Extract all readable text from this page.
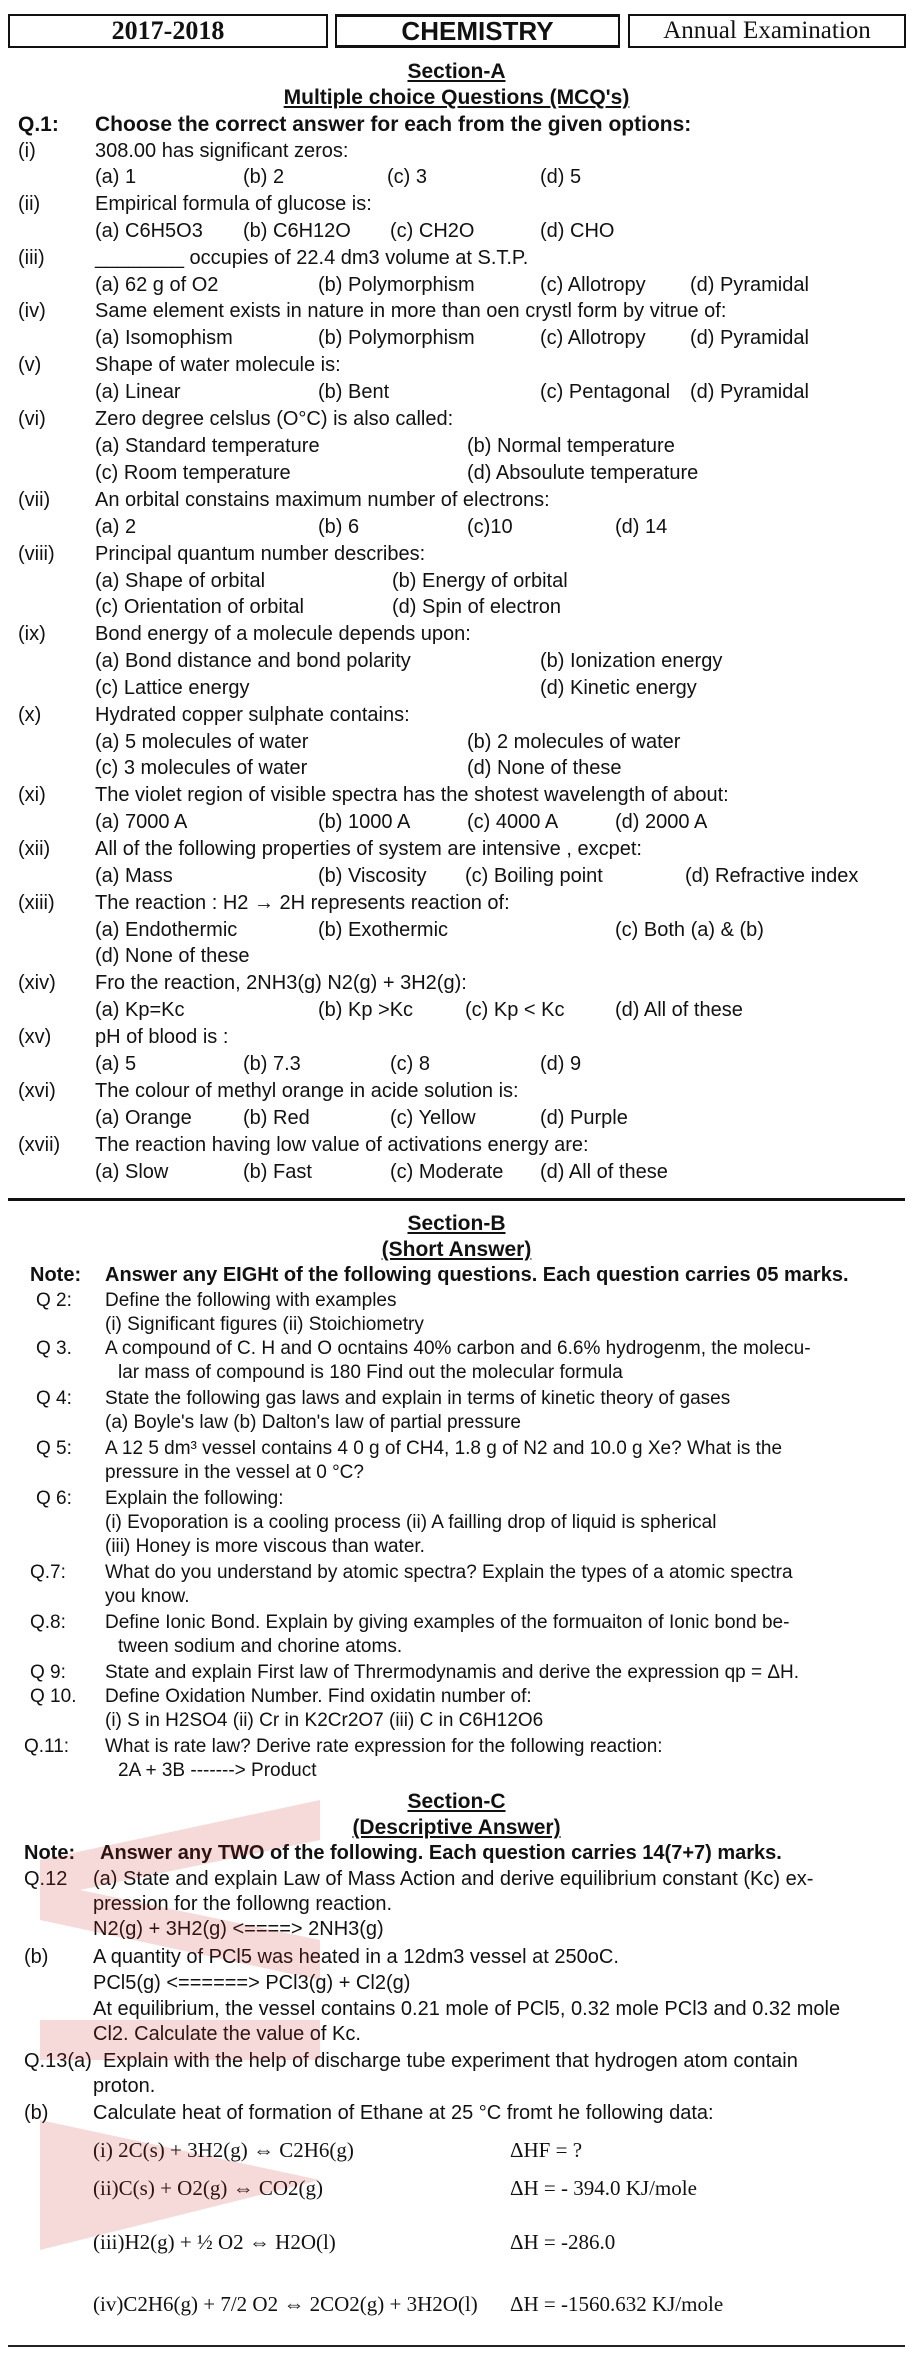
2017-2018	CHEMISTRY	Annual Examination
Section-A
Multiple choice Questions (MCQ's)
Q.1: Choose the correct answer for each from the given options:
(i)	308.00 has significant zeros:
(a) 1	(b) 2	(c) 3	(d) 5
(ii)	Empirical formula of glucose is:
(a) C6H5O3 (b) C6H12O (c) CH2O	(d) CHO
(iii)	________ occupies of 22.4 dm3 volume at S.T.P.
(a) 62 g of O2	(b) Polymorphism	(c) Allotropy (d) Pyramidal
(iv) Same element exists in nature in more than oen crystl form by vitrue of:
(a) Isomophism	(b) Polymorphism	(c) Allotropy (d) Pyramidal
(v)	Shape of water molecule is:
(a) Linear	(b) Bent	(c) Pentagonal (d) Pyramidal
(vi) Zero degree celslus (O°C) is also called:
(a) Standard temperature	(b) Normal temperature
(c) Room temperature	(d) Absoulute temperature
(vii) An orbital constains maximum number of electrons:
(a) 2	(b) 6	(c)10	(d) 14
(viii) Principal quantum number describes:
(a) Shape of orbital	(b) Energy of orbital
(c) Orientation of orbital	(d) Spin of electron
(ix) Bond energy of a molecule depends upon:
(a) Bond distance and bond polarity	(b) Ionization energy
(c) Lattice energy	(d) Kinetic energy
(x)	Hydrated copper sulphate contains:
(a) 5 molecules of water	(b) 2 molecules of water
(c) 3 molecules of water	(d) None of these
(xi) The violet region of visible spectra has the shotest wavelength of about:
(a) 7000 A	(b) 1000 A	(c) 4000 A	(d) 2000 A
(xii) All of the following properties of system are intensive , excpet:
(a) Mass	(b) Viscosity (c) Boiling point	(d) Refractive index
(xiii) The reaction : H2 → 2H represents reaction of:
(a) Endothermic	(b) Exothermic	(c) Both (a) & (b)
(d) None of these
(xiv) Fro the reaction, 2NH3(g) N2(g) + 3H2(g):
(a) Kp=Kc	(b) Kp >Kc	(c) Kp < Kc	(d) All of these
(xv) pH of blood is :
(a) 5	(b) 7.3	(c) 8	(d) 9
(xvi) The colour of methyl orange in acide solution is:
(a) Orange	(b) Red	(c) Yellow	(d) Purple
(xvii) The reaction having low value of activations energy are:
(a) Slow	(b) Fast	(c) Moderate (d) All of these
Section-B
(Short Answer)
Note: Answer any EIGHt of the following questions. Each question carries 05 marks.
Q 2: Define the following with examples
(i) Significant figures (ii) Stoichiometry
Q 3. A compound of C. H and O ocntains 40% carbon and 6.6% hydrogenm, the molecu-
lar mass of compound is 180 Find out the molecular formula
Q 4: State the following gas laws and explain in terms of kinetic theory of gases
(a) Boyle's law (b) Dalton's law of partial pressure
Q 5: A 12 5 dm³ vessel contains 4 0 g of CH4, 1.8 g of N2 and 10.0 g Xe? What is the
pressure in the vessel at 0 °C?
Q 6: Explain the following:
(i) Evoporation is a cooling process (ii) A failling drop of liquid is spherical
(iii) Honey is more viscous than water.
Q.7: What do you understand by atomic spectra? Explain the types of a atomic spectra
you know.
Q.8: Define Ionic Bond. Explain by giving examples of the formuaiton of Ionic bond be-
tween sodium and chorine atoms.
Q 9: State and explain First law of Thrermodynamis and derive the expression qp = ΔH.
Q 10. Define Oxidation Number. Find oxidatin number of:
(i) S in H2SO4 (ii) Cr in K2Cr2O7 (iii) C in C6H12O6
Q.11: What is rate law? Derive rate expression for the following reaction:
2A + 3B -------> Product
Section-C
(Descriptive Answer)
Note: Answer any TWO of the following. Each question carries 14(7+7) marks.
Q.12 (a) State and explain Law of Mass Action and derive equilibrium constant (Kc) ex-
pression for the followng reaction.
N2(g) + 3H2(g) <====> 2NH3(g)
(b) A quantity of PCl5 was heated in a 12dm3 vessel at 250oC.
PCl5(g) <======> PCl3(g) + Cl2(g)
At equilibrium, the vessel contains 0.21 mole of PCl5, 0.32 mole PCl3 and 0.32 mole
Cl2. Calculate the value of Kc.
Q.13(a) Explain with the help of discharge tube experiment that hydrogen atom contain
proton.
(b) Calculate heat of formation of Ethane at 25 °C fromt he following data:
(i) 2C(s) + 3H2(g) ⇔ C2H6(g)	ΔHF = ?
(ii)C(s) + O2(g) ⇔ CO2(g)	ΔH = - 394.0 KJ/mole
(iii)H2(g) + ½ O2 ⇔ H2O(l)	ΔH = -286.0
(iv)C2H6(g) + 7/2 O2 ⇔ 2CO2(g) + 3H2O(l) ΔH = -1560.632 KJ/mole
